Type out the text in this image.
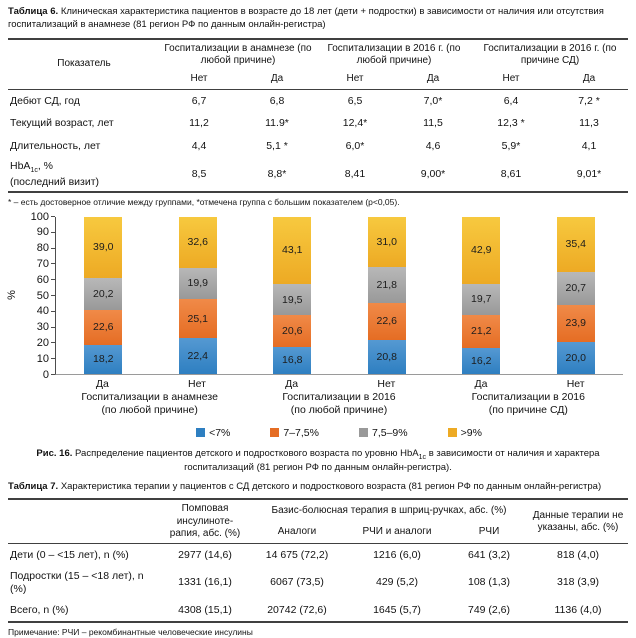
Таблица 6. Клиническая характеристика пациентов в возрасте до 18 лет (дети + подростки) в зависимости от наличия или отсутствия госпитализаций в анамнезе (81 регион РФ по данным онлайн-регистра)

Показатель	Госпитализации в анамнезе (по любой причине)		Госпитализации в 2016 г. (по любой причине)		Госпитализации в 2016 г. (по причине СД)	
	Нет	Да	Нет	Да	Нет	Да
Дебют СД, год	6,7	6,8	6,5	7,0*	6,4	7,2 *
Текущий возраст, лет	11,2	11.9*	12,4*	11,5	12,3 *	11,3
Длительность, лет	4,4	5,1 *	6,0*	4,6	5,9*	4,1
HbA$_{1c}$, %
(последний визит)	8,5	8,8*	8,41	9,00*	8,61	9,01*

* – есть достоверное отличие между группами, *отмечена группа с большим показателем (p<0,05).

%
100
90
80
70
60
50
40
30
20
10
0
18,2
22,6
20,2
39,0
22,4
25,1
19,9
32,6
16,8
20,6
19,5
43,1
20,8
22,6
21,8
31,0
16,2
21,2
19,7
42,9
20,0
23,9
20,7
35,4
Да	Нет	Да	Нет	Да	Нет
Госпитализации в анамнезе
(по любой причине)
Госпитализации в 2016
(по любой причине)
Госпитализации в 2016
(по причине СД)
<7%	7–7,5%	7,5–9%	>9%

Рис. 16. Распределение пациентов детского и подросткового возраста по уровню HbA$_{1c}$ в зависимости от наличия и характера госпитализаций (81 регион РФ по данным онлайн-регистра).

Таблица 7. Характеристика терапии у пациентов с СД детского и подросткового возраста (81 регион РФ по данным онлайн-регистра)

	Помповая инсулиноте-рапия, абс. (%)	Базис-болюсная терапия в шприц-ручках, абс. (%)			Данные терапии не указаны, абс. (%)
		Аналоги	РЧИ и аналоги	РЧИ	
Дети (0 – <15 лет), n (%)	2977 (14,6)	14 675 (72,2)	1216 (6,0)	641 (3,2)	818 (4,0)
Подростки (15 – <18 лет), n (%)	1331 (16,1)	6067 (73,5)	429 (5,2)	108 (1,3)	318 (3,9)
Всего, n (%)	4308 (15,1)	20742 (72,6)	1645 (5,7)	749 (2,6)	1136 (4,0)

Примечание: РЧИ – рекомбинантные человеческие инсулины
